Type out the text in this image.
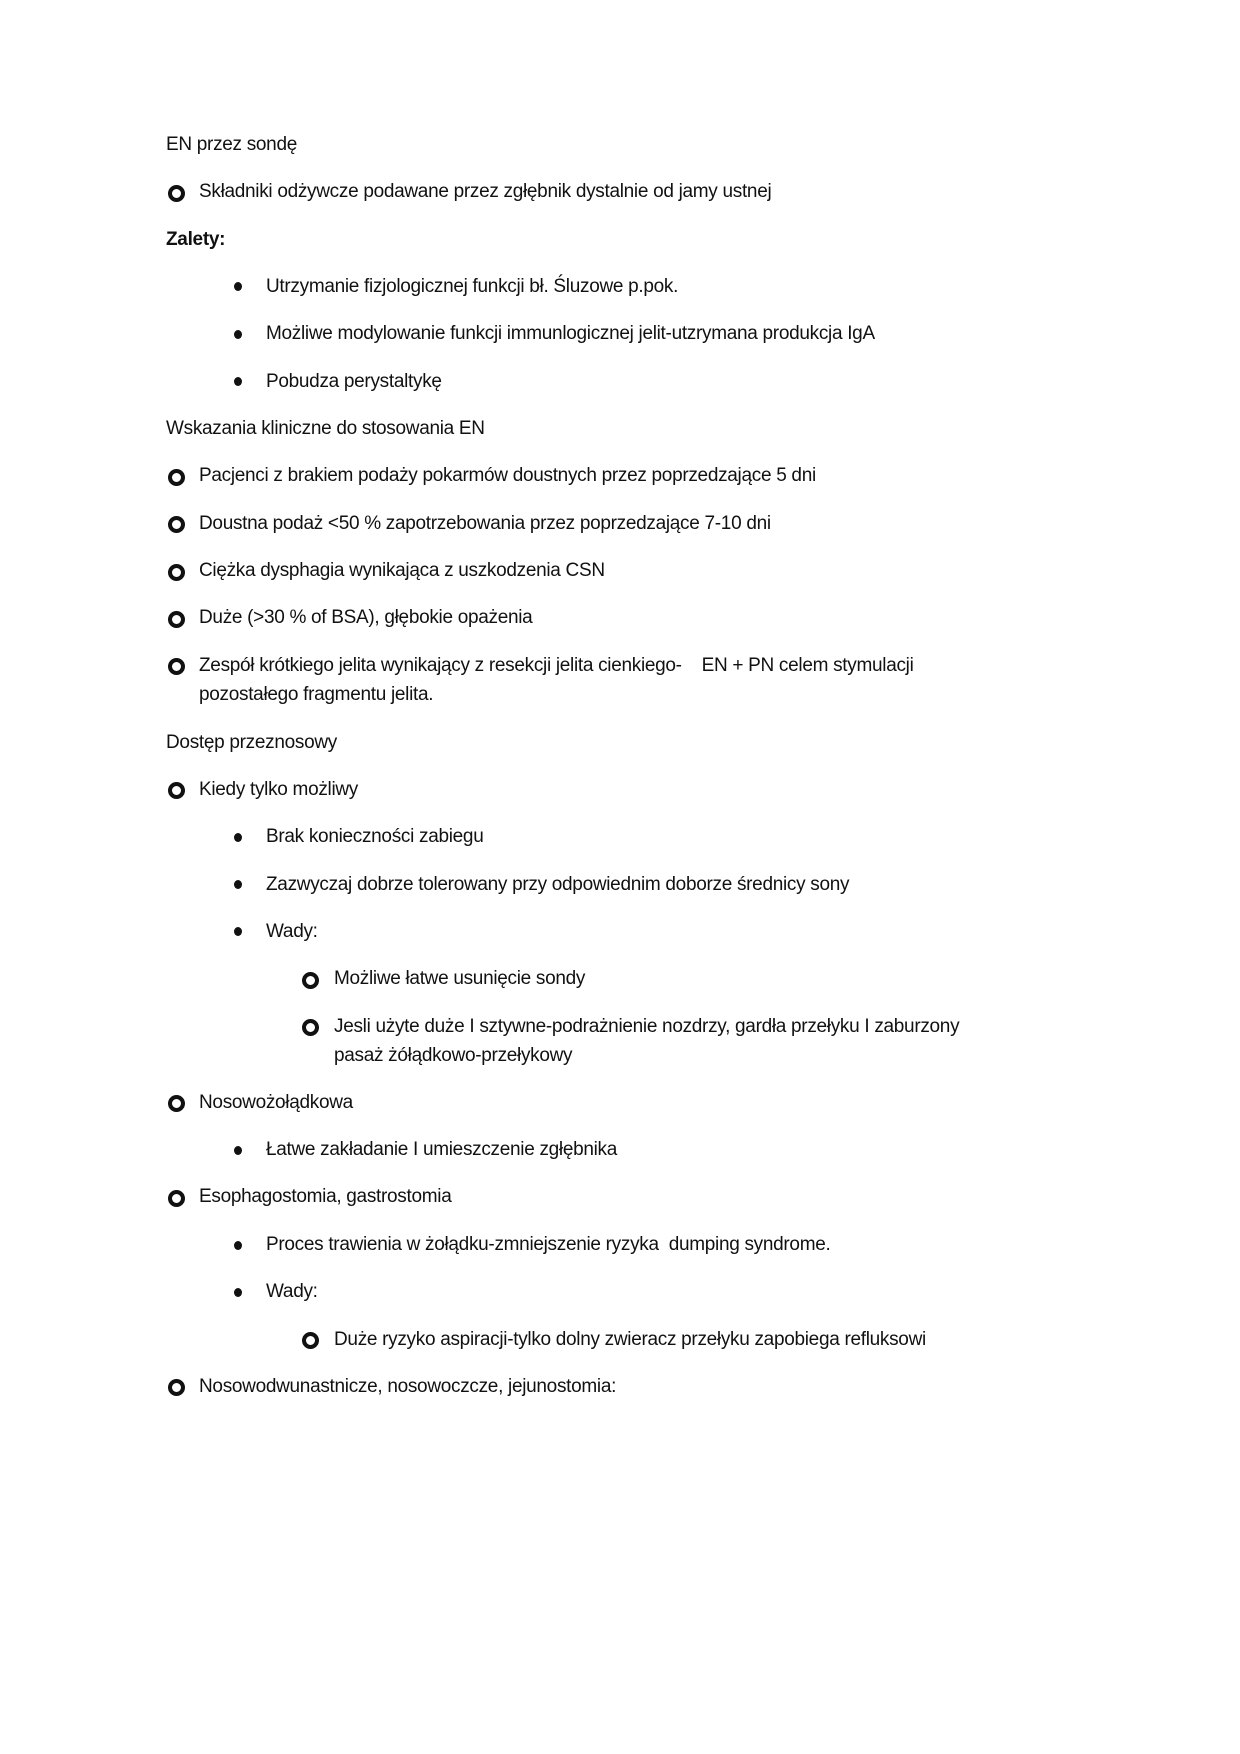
EN przez sondę
Składniki odżywcze podawane przez zgłębnik dystalnie od jamy ustnej
Zalety:
Utrzymanie fizjologicznej funkcji bł. Śluzowe p.pok.
Możliwe modylowanie funkcji immunlogicznej jelit-utzrymana produkcja IgA
Pobudza perystaltykę
Wskazania kliniczne do stosowania EN
Pacjenci z brakiem podaży pokarmów doustnych przez poprzedzające 5 dni
Doustna podaż <50 % zapotrzebowania przez poprzedzające 7-10 dni
Ciężka dysphagia wynikająca z uszkodzenia CSN
Duże (>30 % of BSA), głębokie opażenia
Zespół krótkiego jelita wynikający z resekcji jelita cienkiego-    EN + PN celem stymulacji
pozostałego fragmentu jelita.
Dostęp przeznosowy
Kiedy tylko możliwy
Brak konieczności zabiegu
Zazwyczaj dobrze tolerowany przy odpowiednim doborze średnicy sony
Wady:
Możliwe łatwe usunięcie sondy
Jesli użyte duże I sztywne-podrażnienie nozdrzy, gardła przełyku I zaburzony
pasaż żółądkowo-przełykowy
Nosowożołądkowa
Łatwe zakładanie I umieszczenie zgłębnika
Esophagostomia, gastrostomia
Proces trawienia w żołądku-zmniejszenie ryzyka  dumping syndrome.
Wady:
Duże ryzyko aspiracji-tylko dolny zwieracz przełyku zapobiega refluksowi
Nosowodwunastnicze, nosowoczcze, jejunostomia:
